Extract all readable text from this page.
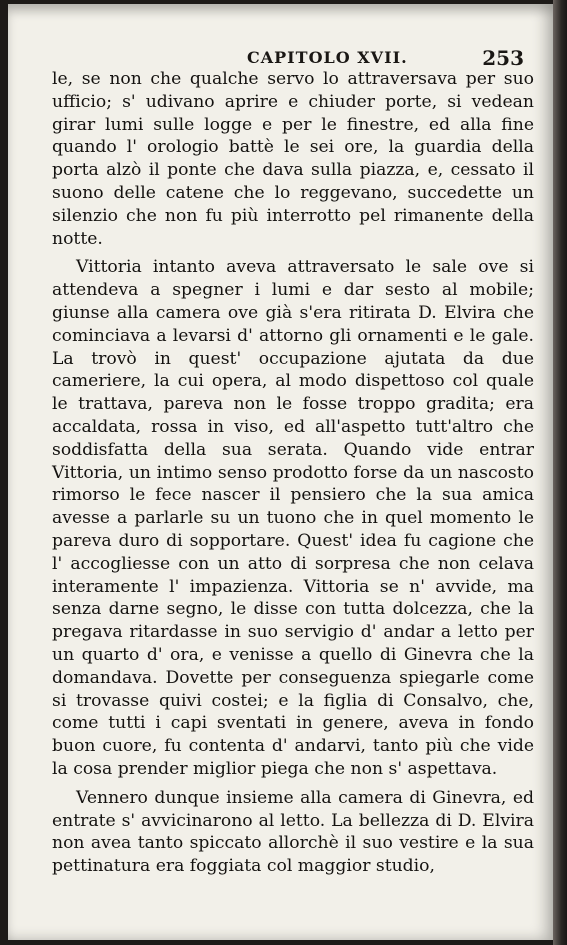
CAPITOLO XVII.	253

le, se non che qualche servo lo attraversava per suo ufficio; s' udivano aprire e chiuder porte, si vedean girar lumi sulle logge e per le finestre, ed alla fine quando l' orologio battè le sei ore, la guardia della porta alzò il ponte che dava sulla piazza, e, cessato il suono delle catene che lo reggevano, succedette un silenzio che non fu più interrotto pel rimanente della notte.

Vittoria intanto aveva attraversato le sale ove si attendeva a spegner i lumi e dar sesto al mobile; giunse alla camera ove già s'era ritirata D. Elvira che cominciava a levarsi d' attorno gli ornamenti e le gale. La trovò in quest' occupazione ajutata da due cameriere, la cui opera, al modo dispettoso col quale le trattava, pareva non le fosse troppo gradita; era accaldata, rossa in viso, ed all'aspetto tutt'altro che soddisfatta della sua serata. Quando vide entrar Vittoria, un intimo senso prodotto forse da un nascosto rimorso le fece nascer il pensiero che la sua amica avesse a parlarle su un tuono che in quel momento le pareva duro di sopportare. Quest' idea fu cagione che l' accogliesse con un atto di sorpresa che non celava interamente l' impazienza. Vittoria se n' avvide, ma senza darne segno, le disse con tutta dolcezza, che la pregava ritardasse in suo servigio d' andar a letto per un quarto d' ora, e venisse a quello di Ginevra che la domandava. Dovette per conseguenza spiegarle come si trovasse quivi costei; e la figlia di Consalvo, che, come tutti i capi sventati in genere, aveva in fondo buon cuore, fu contenta d' andarvi, tanto più che vide la cosa prender miglior piega che non s' aspettava.

Vennero dunque insieme alla camera di Ginevra, ed entrate s' avvicinarono al letto. La bellezza di D. Elvira non avea tanto spiccato allorchè il suo vestire e la sua pettinatura era foggiata col maggior studio,
